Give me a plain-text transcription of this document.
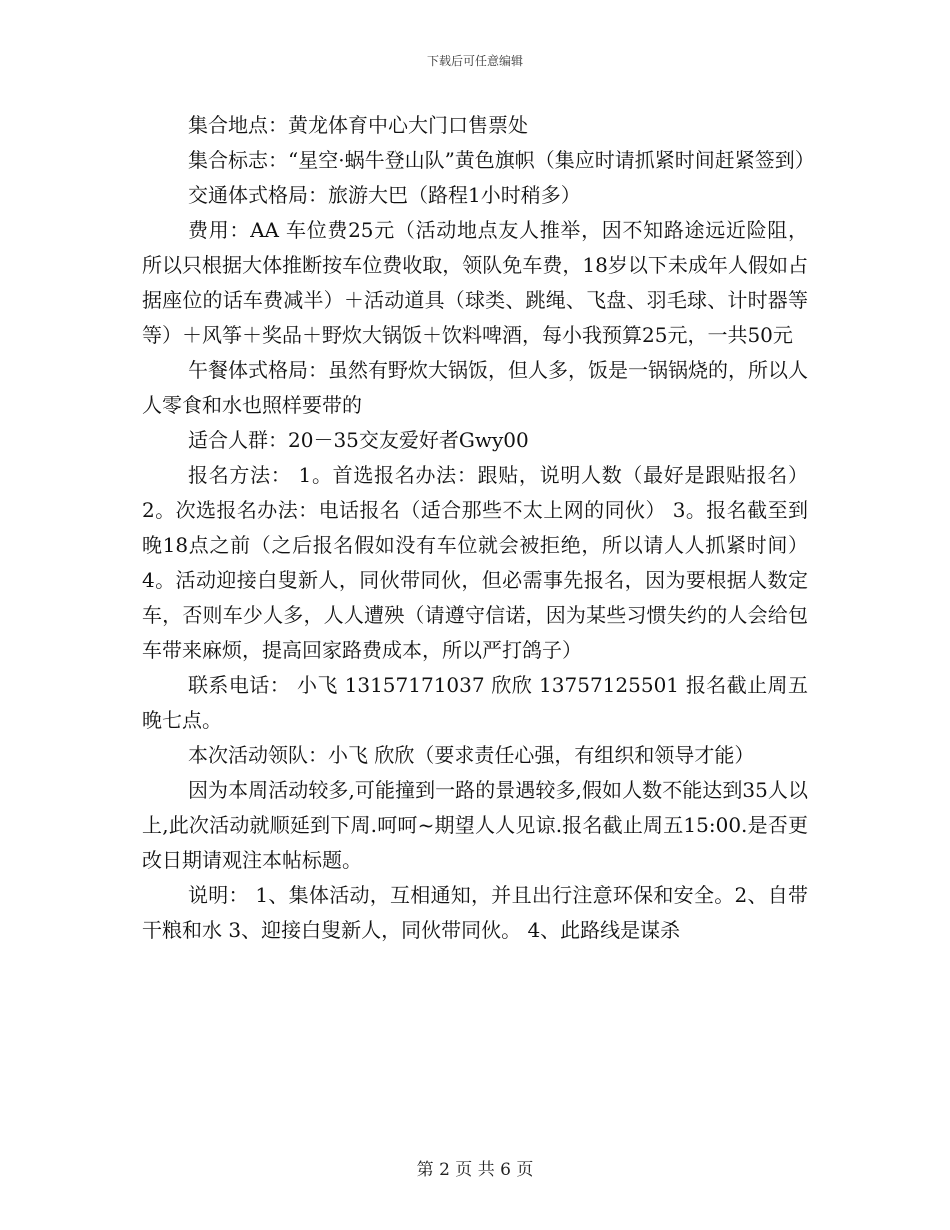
下载后可任意编辑

集合地点：黄龙体育中心大门口售票处

集合标志：“星空·蜗牛登山队”黄色旗帜（集应时请抓紧时间赶紧签到）

交通体式格局：旅游大巴（路程1小时稍多）

费用：AA 车位费25元（活动地点友人推举，因不知路途远近险阻，所以只根据大体推断按车位费收取，领队免车费，18岁以下未成年人假如占据座位的话车费减半）＋活动道具（球类、跳绳、飞盘、羽毛球、计时器等等）＋风筝＋奖品＋野炊大锅饭＋饮料啤酒，每小我预算25元，一共50元

午餐体式格局：虽然有野炊大锅饭，但人多，饭是一锅锅烧的，所以人人零食和水也照样要带的

适合人群：20－35交友爱好者Gwy00

报名方法： 1。首选报名办法：跟贴，说明人数（最好是跟贴报名） 2。次选报名办法：电话报名（适合那些不太上网的同伙） 3。报名截至到晚18点之前（之后报名假如没有车位就会被拒绝，所以请人人抓紧时间） 4。活动迎接白叟新人，同伙带同伙，但必需事先报名，因为要根据人数定车，否则车少人多，人人遭殃（请遵守信诺，因为某些习惯失约的人会给包车带来麻烦，提高回家路费成本，所以严打鸽子）

联系电话： 小飞 13157171037 欣欣 13757125501 报名截止周五晚七点。

本次活动领队：小飞 欣欣（要求责任心强，有组织和领导才能）

因为本周活动较多,可能撞到一路的景遇较多,假如人数不能达到35人以上,此次活动就顺延到下周.呵呵~期望人人见谅.报名截止周五15:00.是否更改日期请观注本帖标题。

说明： 1、集体活动，互相通知，并且出行注意环保和安全。2、自带干粮和水 3、迎接白叟新人，同伙带同伙。 4、此路线是谋杀

第 2 页 共 6 页
